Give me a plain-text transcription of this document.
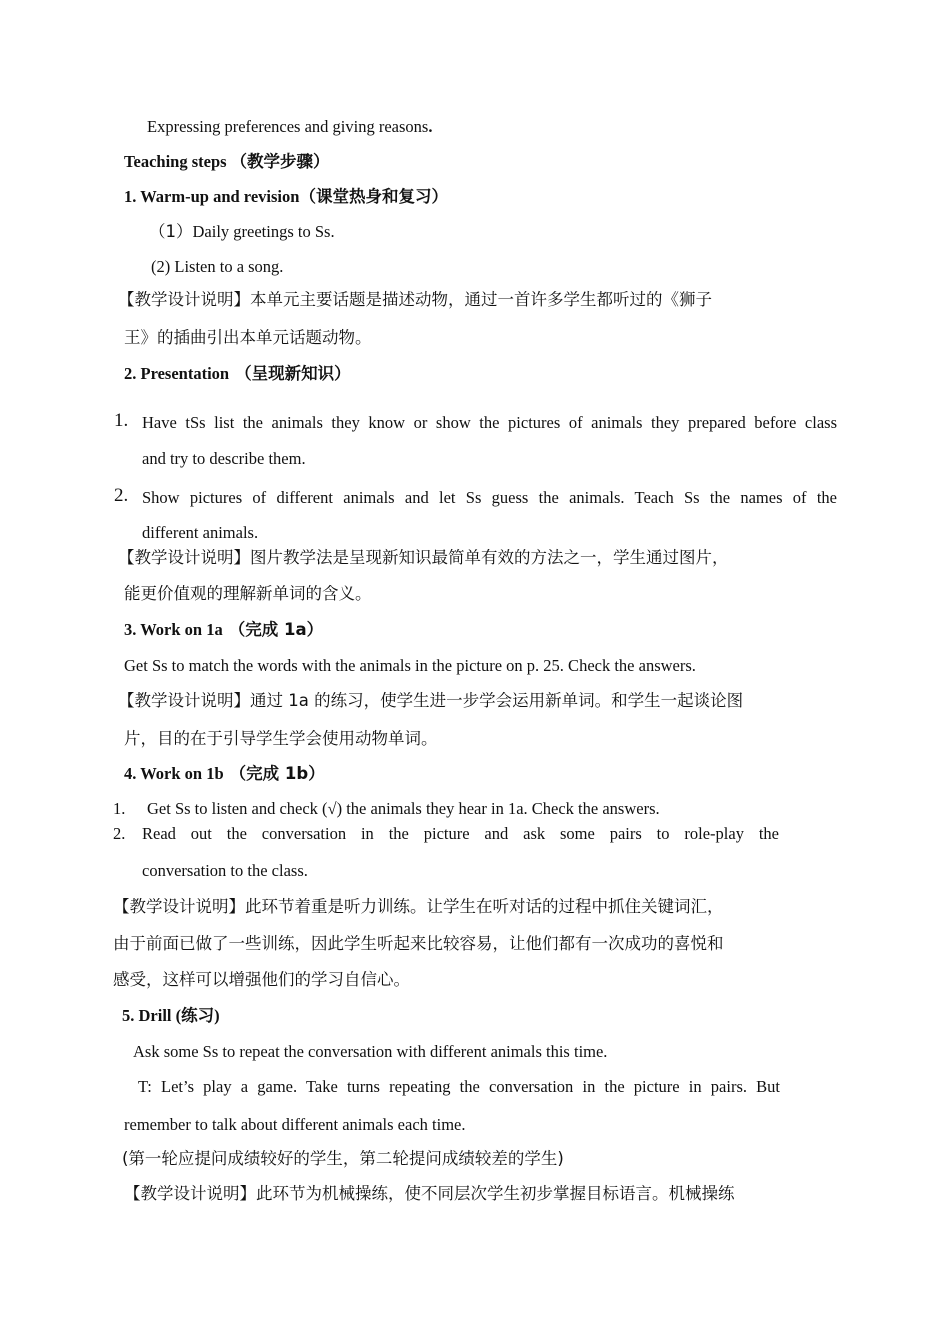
Expressing preferences and giving reasons.
Teaching steps （教学步骤）
1. Warm-up and revision（课堂热身和复习）
（1）Daily greetings to Ss.
(2) Listen to a song.
【教学设计说明】本单元主要话题是描述动物，通过一首许多学生都听过的《狮子
王》的插曲引出本单元话题动物。
2. Presentation （呈现新知识）
1. Have tSs list the animals they know or show the pictures of animals they prepared before class
and try to describe them.
2. Show pictures of different animals and let Ss guess the animals. Teach Ss the names of the
different animals.
【教学设计说明】图片教学法是呈现新知识最简单有效的方法之一，学生通过图片，
能更价值观的理解新单词的含义。
3. Work on 1a （完成 1a）
Get Ss to match the words with the animals in the picture on p. 25. Check the answers.
【教学设计说明】通过 1a 的练习，使学生进一步学会运用新单词。和学生一起谈论图
片，目的在于引导学生学会使用动物单词。
4. Work on 1b （完成 1b）
1. Get Ss to listen and check (√) the animals they hear in 1a. Check the answers.
2. Read out the conversation in the picture and ask some pairs to role-play the
conversation to the class.
【教学设计说明】此环节着重是听力训练。让学生在听对话的过程中抓住关键词汇，
由于前面已做了一些训练，因此学生听起来比较容易，让他们都有一次成功的喜悦和
感受，这样可以增强他们的学习自信心。
5. Drill (练习)
Ask some Ss to repeat the conversation with different animals this time.
T: Let’s play a game. Take turns repeating the conversation in the picture in pairs. But
remember to talk about different animals each time.
(第一轮应提问成绩较好的学生，第二轮提问成绩较差的学生)
【教学设计说明】此环节为机械操练，使不同层次学生初步掌握目标语言。机械操练
